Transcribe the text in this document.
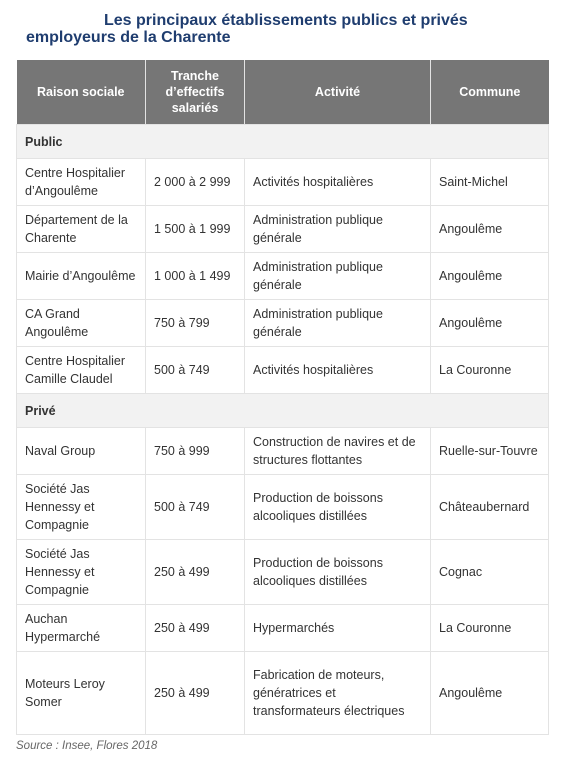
Les principaux établissements publics et privés
employeurs de la Charente
Raison sociale	Tranche d’effectifs salariés	Activité	Commune
Public			
Centre Hospitalier d’Angoulême	2 000 à 2 999	Activités hospitalières	Saint-Michel
Département de la Charente	1 500 à 1 999	Administration publique générale	Angoulême
Mairie d’Angoulême	1 000 à 1 499	Administration publique générale	Angoulême
CA Grand Angoulême	750 à 799	Administration publique générale	Angoulême
Centre Hospitalier Camille Claudel	500 à 749	Activités hospitalières	La Couronne
Privé			
Naval Group	750 à 999	Construction de navires et de structures flottantes	Ruelle-sur-Touvre
Société Jas Hennessy et Compagnie	500 à 749	Production de boissons alcooliques distillées	Châteaubernard
Société Jas Hennessy et Compagnie	250 à 499	Production de boissons alcooliques distillées	Cognac
Auchan Hypermarché	250 à 499	Hypermarchés	La Couronne
Moteurs Leroy Somer	250 à 499	Fabrication de moteurs, génératrices et transformateurs électriques	Angoulême
Source : Insee, Flores 2018
